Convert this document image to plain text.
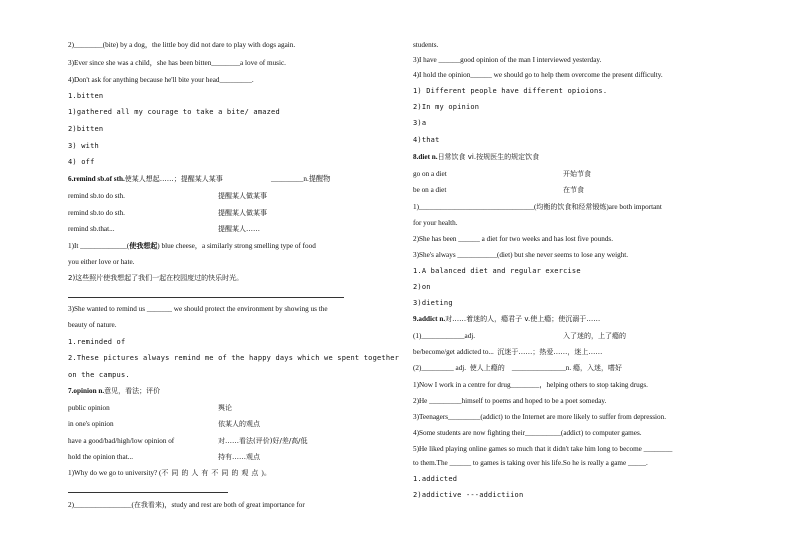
2)________(bite) by a dog，the little boy did not dare to play with dogs again.
3)Ever since she was a child，she has been bitten________a love of music.
4)Don't ask for anything because he'll bite your head_________.
1.bitten
1)gathered all my courage to take a bite/ amazed
2)bitten
3) with
4) off
6.remind sb.of sth.使某人想起……；提醒某人某事	_________n.提醒物
remind sb.to do sth.	提醒某人做某事
remind sb.to do sth.	提醒某人做某事
remind sb.that...	提醒某人……
1)It _____________(使我想起) blue cheese，a similarly strong smelling type of food
you either love or hate.
2)这些照片使我想起了我们一起在校园度过的快乐时光。
3)She wanted to remind us _______ we should protect the environment by showing us the
beauty of nature.
1.reminded of
2.These pictures always remind me of the happy days which we spent together
on the campus.
7.opinion n.意见，看法；评价
public opinion	舆论
in one's opinion	依某人的观点
have a good/bad/high/low opinion of	对……看法(评价)好/差/高/低
hold the opinion that...	持有……观点
1)Why do we go to university? (不同的人有不同的观点)。
2)________________(在我看来)，study and rest are both of great importance for
students.
3)I have ______good opinion of the man I interviewed yesterday.
4)I hold the opinion______ we should go to help them overcome the present difficulty.
1) Different people have different opioions.
2)In my opinion
3)a
4)that
8.diet n.日常饮食 vi.按规医生的规定饮食
go on a diet	开始节食
be on a diet	在节食
1)________________________________(均衡的饮食和经常锻炼)are both important
for your health.
2)She has been ______ a diet for two weeks and has lost five pounds.
3)She's always ___________(diet) but she never seems to lose any weight.
1.A balanced diet and regular exercise
2)on
3)dieting
9.addict n.对……着迷的人，瘾君子 v.使上瘾；使沉溺于……
(1)____________adj.	入了迷的，上了瘾的
be/become/get addicted to... 沉迷于……；热爱……，迷上……
(2)_________ adj. 使人上瘾的 _______________n. 瘾，入迷，嗜好
1)Now I work in a centre for drug________，helping others to stop taking drugs.
2)He _________himself to poems and hoped to be a poet someday.
3)Teenagers_________(addict) to the Internet are more likely to suffer from depression.
4)Some students are now fighting their__________(addict) to computer games.
5)He liked playing online games so much that it didn't take him long to become ________
to them.The ______ to games is taking over his life.So he is really a game _____.
1.addicted
2)addictive ---addictiion
